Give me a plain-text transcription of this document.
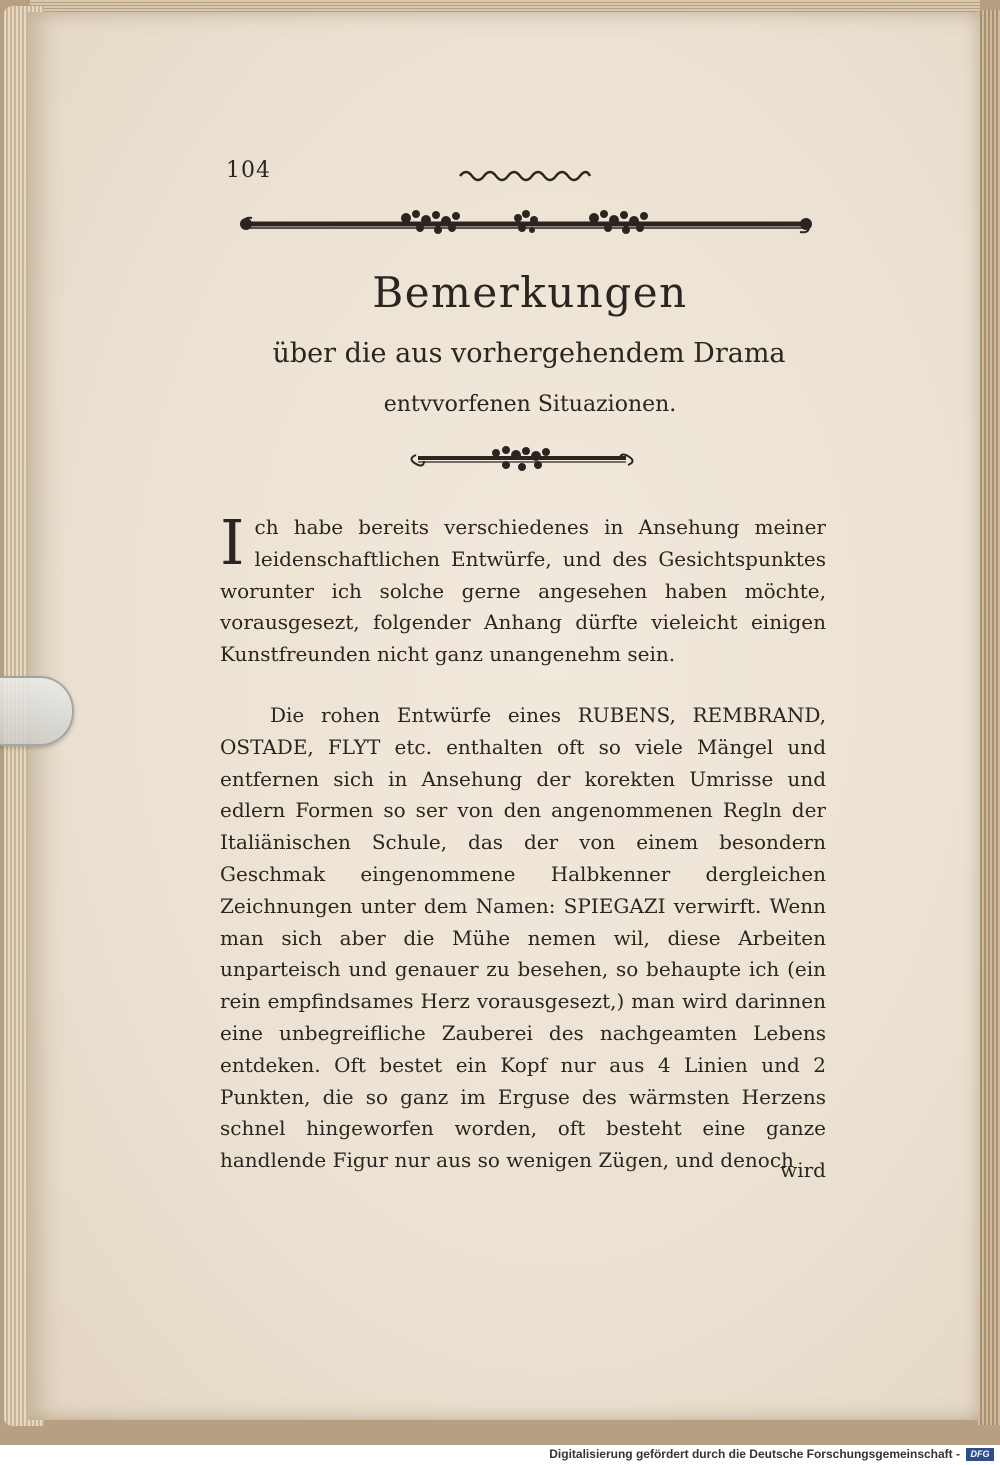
104
Bemerkungen
über die aus vorhergehendem Drama
entvvorfenen Situazionen.
Ich habe bereits verschiedenes in Ansehung meiner leidenschaftlichen Entwürfe, und des Gesichtspunktes worunter ich solche gerne angesehen haben möchte, vorausgesezt, folgender Anhang dürfte vieleicht einigen Kunstfreunden nicht ganz unangenehm sein.
Die rohen Entwürfe eines RUBENS, REMBRAND, OSTADE, FLYT etc. enthalten oft so viele Mängel und entfernen sich in Ansehung der korekten Umrisse und edlern Formen so ser von den angenommenen Regln der Italiänischen Schule, das der von einem besondern Geschmak eingenommene Halbkenner dergleichen Zeichnungen unter dem Namen: SPIEGAZI verwirft. Wenn man sich aber die Mühe nemen wil, diese Arbeiten unparteisch und genauer zu besehen, so behaupte ich (ein rein empfindsames Herz vorausgesezt,) man wird darinnen eine unbegreifliche Zauberei des nachgeamten Lebens entdeken. Oft bestet ein Kopf nur aus 4 Linien und 2 Punkten, die so ganz im Erguse des wärmsten Herzens schnel hingeworfen worden, oft besteht eine ganze handlende Figur nur aus so wenigen Zügen, und denoch
wird
Digitalisierung gefördert durch die Deutsche Forschungsgemeinschaft -	DFG
